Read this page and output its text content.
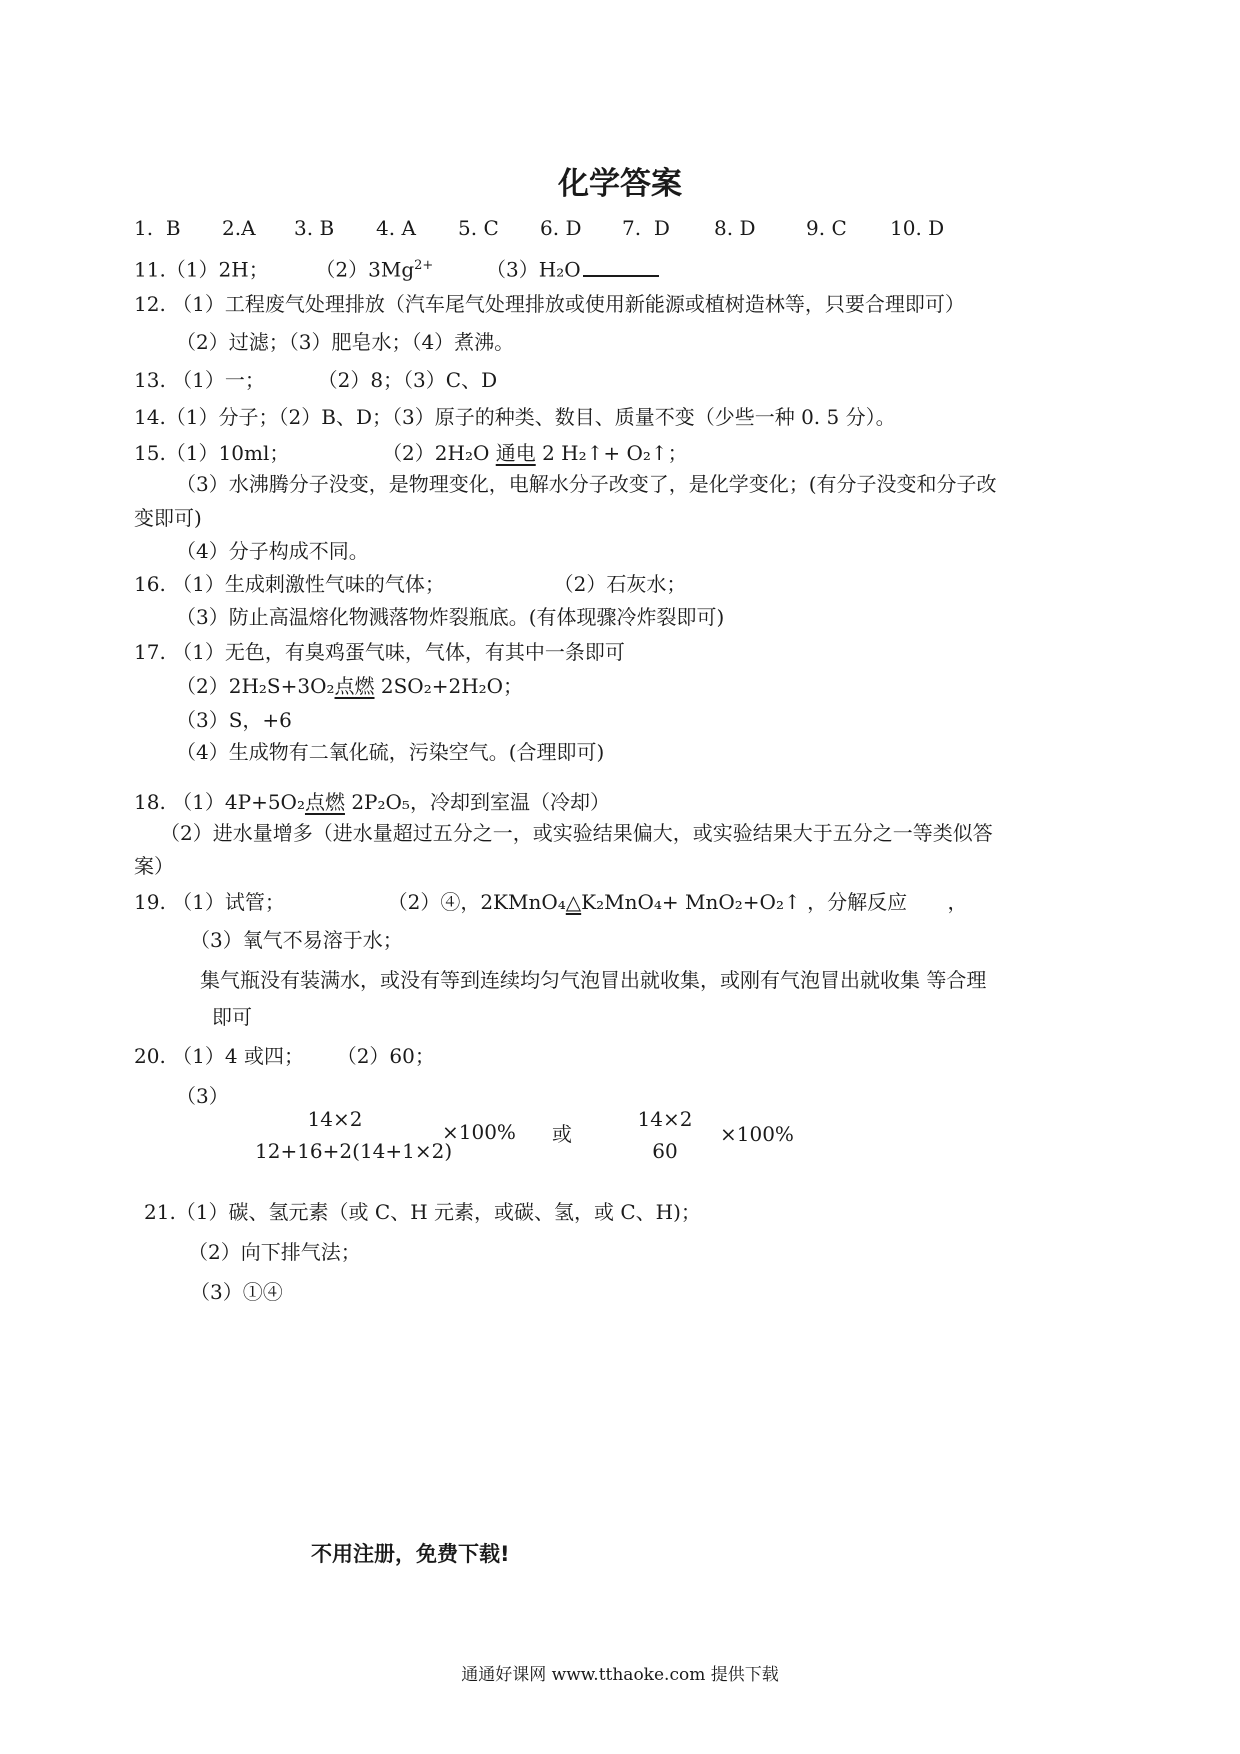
化学答案
1. B 2.A 3. B 4. A 5. C 6. D 7. D 8. D	9. C 10. D
11.（1）2H； $(2)3Mg^{2+}$	（3）H₂O
12. （1）工程废气处理排放（汽车尾气处理排放或使用新能源或植树造林等，只要合理即可）
（2）过滤；（3）肥皂水；（4）煮沸。
13. （1）一；	（2）8；（3）C、D
14.（1）分子；（2）B、D；（3）原子的种类、数目、质量不变（少些一种 0. 5 分）。
15.（1）10ml；	（2）2H₂O 通电 2 H₂↑+ O₂↑；
（3）水沸腾分子没变，是物理变化，电解水分子改变了，是化学变化；(有分子没变和分子改
变即可)
（4）分子构成不同。
16. （1）生成刺激性气味的气体；	（2）石灰水；
（3）防止高温熔化物溅落物炸裂瓶底。(有体现骤冷炸裂即可)
17. （1）无色，有臭鸡蛋气味，气体，有其中一条即可
（2）2H₂S+3O₂点燃 2SO₂+2H₂O；
（3）S，+6
（4）生成物有二氧化硫，污染空气。(合理即可)
18. （1）4P+5O₂点燃 2P₂O₅，冷却到室温（冷却）
（2）进水量增多（进水量超过五分之一，或实验结果偏大，或实验结果大于五分之一等类似答
案）
19. （1）试管；	（2）④，2KMnO₄△K₂MnO₄+ MnO₂+O₂↑ ，分解反应 ，
（3）氧气不易溶于水；
集气瓶没有装满水，或没有等到连续均匀气泡冒出就收集，或刚有气泡冒出就收集 等合理
即可
20. （1）4 或四； （2）60；
（3）
14×2
12+16+2(14+1×2)
×100% 或
14×2
60
×100%
21.（1）碳、氢元素（或 C、H 元素，或碳、氢，或 C、H)；
（2）向下排气法；
（3）①④
不用注册，免费下载!
通通好课网 www.tthaoke.com 提供下载
